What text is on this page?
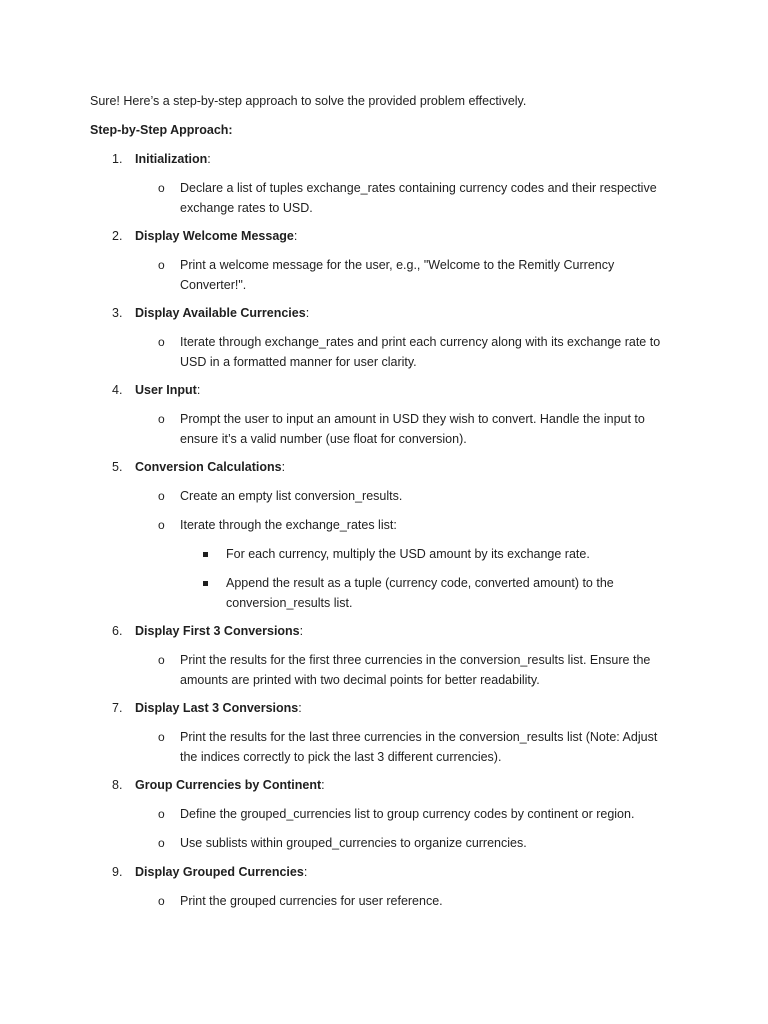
Sure! Here’s a step-by-step approach to solve the provided problem effectively.
Step-by-Step Approach:
1. Initialization:
o Declare a list of tuples exchange_rates containing currency codes and their respective exchange rates to USD.
2. Display Welcome Message:
o Print a welcome message for the user, e.g., "Welcome to the Remitly Currency Converter!".
3. Display Available Currencies:
o Iterate through exchange_rates and print each currency along with its exchange rate to USD in a formatted manner for user clarity.
4. User Input:
o Prompt the user to input an amount in USD they wish to convert. Handle the input to ensure it’s a valid number (use float for conversion).
5. Conversion Calculations:
o Create an empty list conversion_results.
o Iterate through the exchange_rates list:
For each currency, multiply the USD amount by its exchange rate.
Append the result as a tuple (currency code, converted amount) to the conversion_results list.
6. Display First 3 Conversions:
o Print the results for the first three currencies in the conversion_results list. Ensure the amounts are printed with two decimal points for better readability.
7. Display Last 3 Conversions:
o Print the results for the last three currencies in the conversion_results list (Note: Adjust the indices correctly to pick the last 3 different currencies).
8. Group Currencies by Continent:
o Define the grouped_currencies list to group currency codes by continent or region.
o Use sublists within grouped_currencies to organize currencies.
9. Display Grouped Currencies:
o Print the grouped currencies for user reference.
